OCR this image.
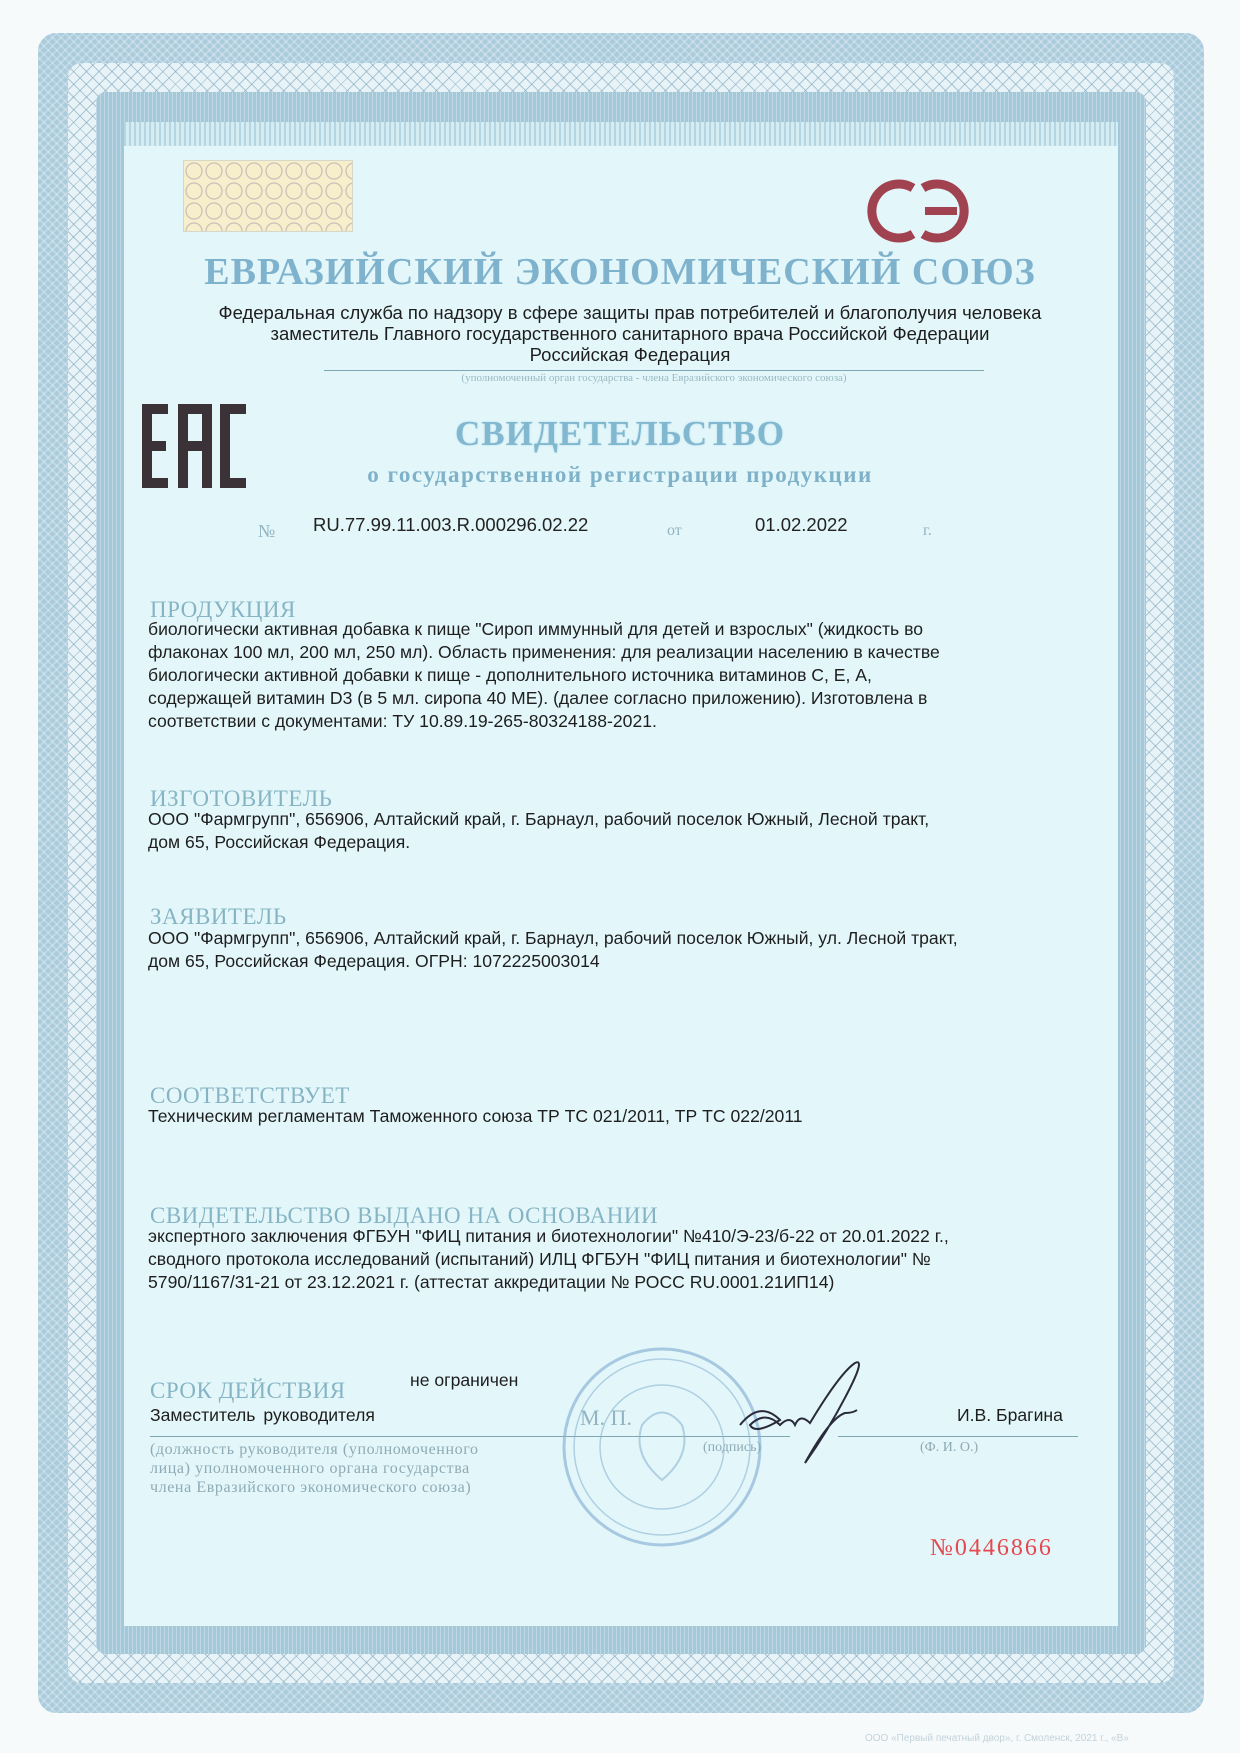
ЕВРАЗИЙСКИЙ ЭКОНОМИЧЕСКИЙ СОЮЗ
Федеральная служба по надзору в сфере защиты прав потребителей и благополучия человека
заместитель Главного государственного санитарного врача Российской Федерации
Российская Федерация
(уполномоченный орган государства - члена Евразийского экономического союза)
СВИДЕТЕЛЬСТВО
о государственной регистрации продукции
№ RU.77.99.11.003.R.000296.02.22	от	01.02.2022	г.
ПРОДУКЦИЯ
биологически активная добавка к пище "Сироп иммунный для детей и взрослых" (жидкость во
флаконах 100 мл, 200 мл, 250 мл). Область применения: для реализации населению в качестве
биологически активной добавки к пище - дополнительного источника витаминов С, Е, А,
содержащей витамин D3 (в 5 мл. сиропа 40 МЕ). (далее согласно приложению). Изготовлена в
соответствии с документами: ТУ 10.89.19-265-80324188-2021.
ИЗГОТОВИТЕЛЬ
ООО "Фармгрупп", 656906, Алтайский край, г. Барнаул, рабочий поселок Южный, Лесной тракт,
дом 65, Российская Федерация.
ЗАЯВИТЕЛЬ
ООО "Фармгрупп", 656906, Алтайский край, г. Барнаул, рабочий поселок Южный, ул. Лесной тракт,
дом 65, Российская Федерация. ОГРН: 1072225003014
СООТВЕТСТВУЕТ
Техническим регламентам Таможенного союза ТР ТС 021/2011, ТР ТС 022/2011
СВИДЕТЕЛЬСТВО ВЫДАНО НА ОСНОВАНИИ
экспертного заключения ФГБУН "ФИЦ питания и биотехнологии" №410/Э-23/б-22 от 20.01.2022 г.,
сводного протокола исследований (испытаний) ИЛЦ ФГБУН "ФИЦ питания и биотехнологии" №
5790/1167/31-21 от 23.12.2021 г. (аттестат аккредитации № РОСС RU.0001.21ИП14)
СРОК ДЕЙСТВИЯ	не ограничен
Заместитель руководителя
(должность руководителя (уполномоченного
лица) уполномоченного органа государства
члена Евразийского экономического союза)
М. П.
(подпись)
И.В. Брагина
(Ф. И. О.)
№0446866
ООО «Первый печатный двор», г. Смоленск, 2021 г., «В»
